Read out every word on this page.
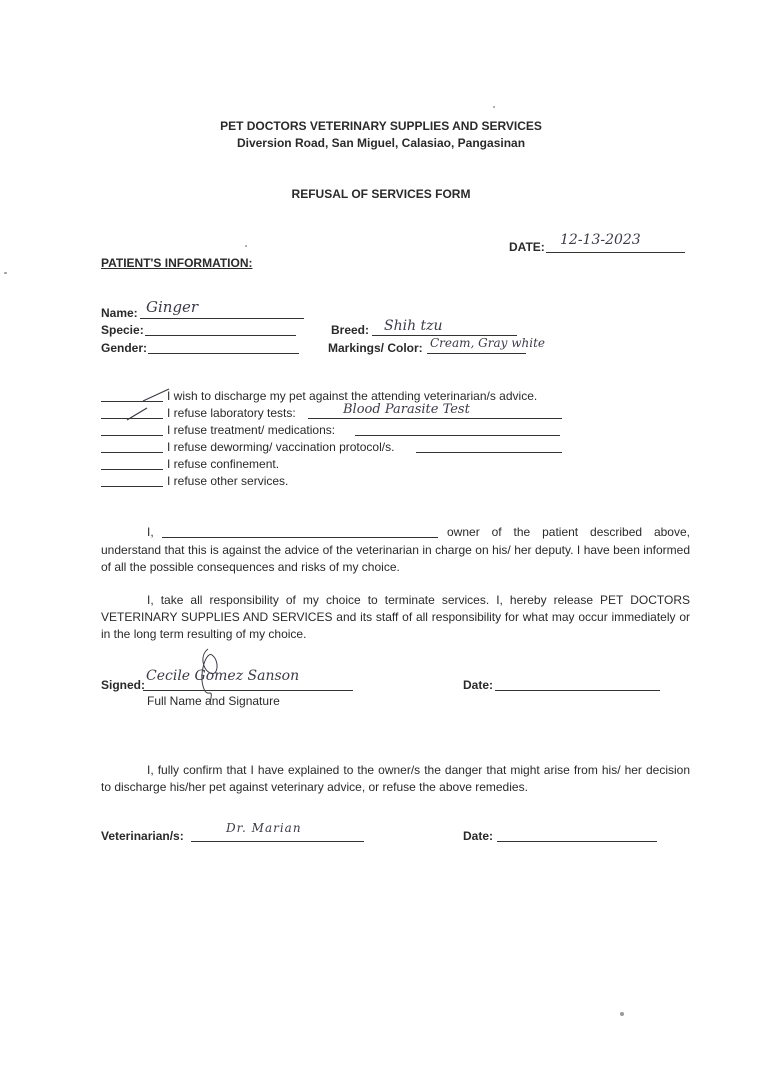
PET DOCTORS VETERINARY SUPPLIES AND SERVICES
Diversion Road, San Miguel, Calasiao, Pangasinan
REFUSAL OF SERVICES FORM
DATE: 12-13-2023
PATIENT'S INFORMATION:
Name: Ginger
Specie:
Gender:
Breed: Shih tzu
Markings/ Color: Cream, Gray white
I wish to discharge my pet against the attending veterinarian/s advice.
I refuse laboratory tests:	Blood Parasite Test
I refuse treatment/ medications:
I refuse deworming/ vaccination protocol/s.
I refuse confinement.
I refuse other services.
I,	owner of the patient described above,

understand that this is against the advice of the veterinarian in charge on his/ her deputy. I have been informed of all the possible consequences and risks of my choice.

I, take all responsibility of my choice to terminate services. I, hereby release PET DOCTORS VETERINARY SUPPLIES AND SERVICES and its staff of all responsibility for what may occur immediately or in the long term resulting of my choice.

Signed:
Cecile Gomez Sanson
Full Name and Signature
Date:

I, fully confirm that I have explained to the owner/s the danger that might arise from his/ her decision to discharge his/her pet against veterinary advice, or refuse the above remedies.

Veterinarian/s:
Dr. Marian
Date:
